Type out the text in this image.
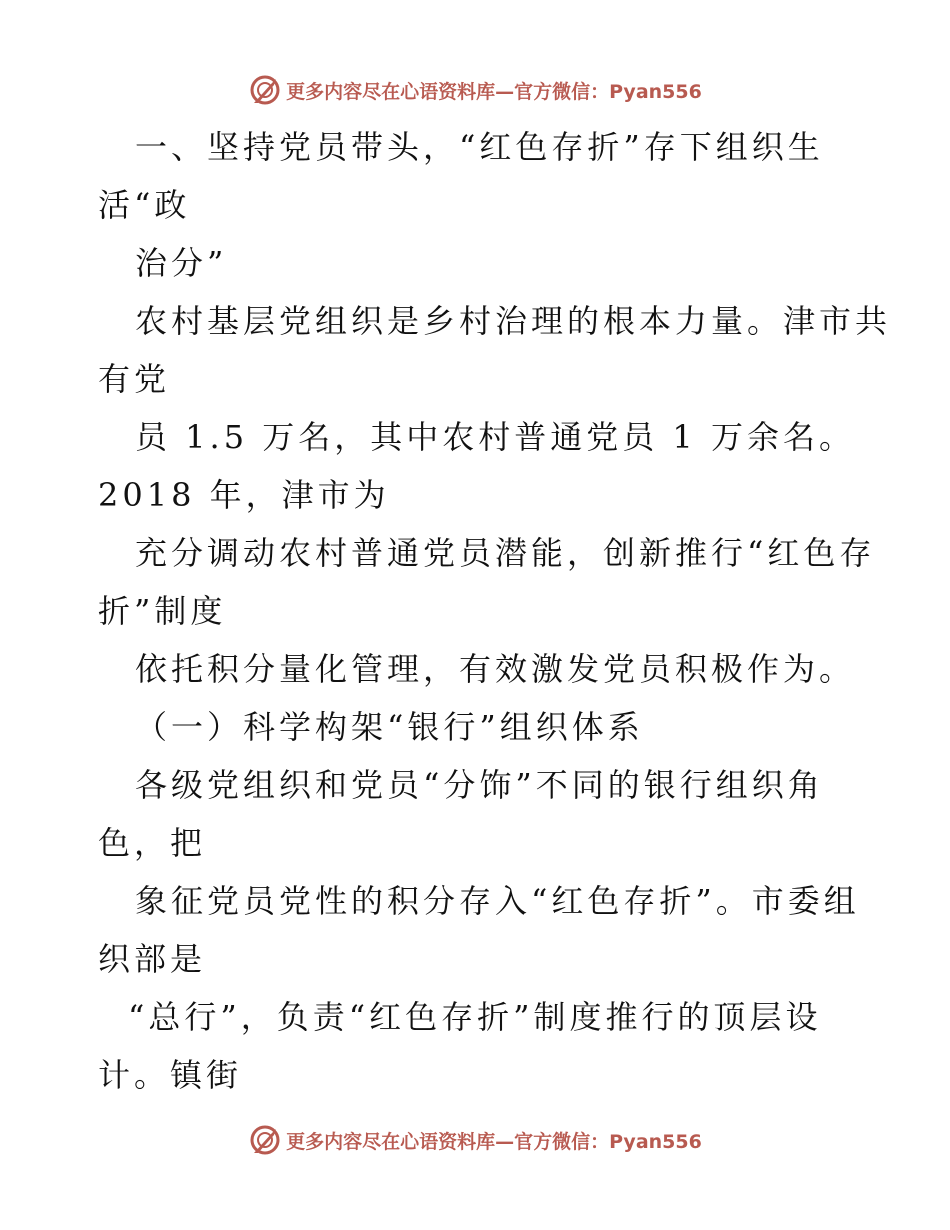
更多内容尽在心语资料库—官方微信：Pyan556
一、坚持党员带头，“红色存折”存下组织生
活“政
治分”
农村基层党组织是乡村治理的根本力量。津市共
有党
员 1.5 万名，其中农村普通党员 1 万余名。
2018 年，津市为
充分调动农村普通党员潜能，创新推行“红色存
折”制度
依托积分量化管理，有效激发党员积极作为。
（一）科学构架“银行”组织体系
各级党组织和党员“分饰”不同的银行组织角
色，把
象征党员党性的积分存入“红色存折”。市委组
织部是
“总行”，负责“红色存折”制度推行的顶层设
计。镇街
更多内容尽在心语资料库—官方微信：Pyan556
